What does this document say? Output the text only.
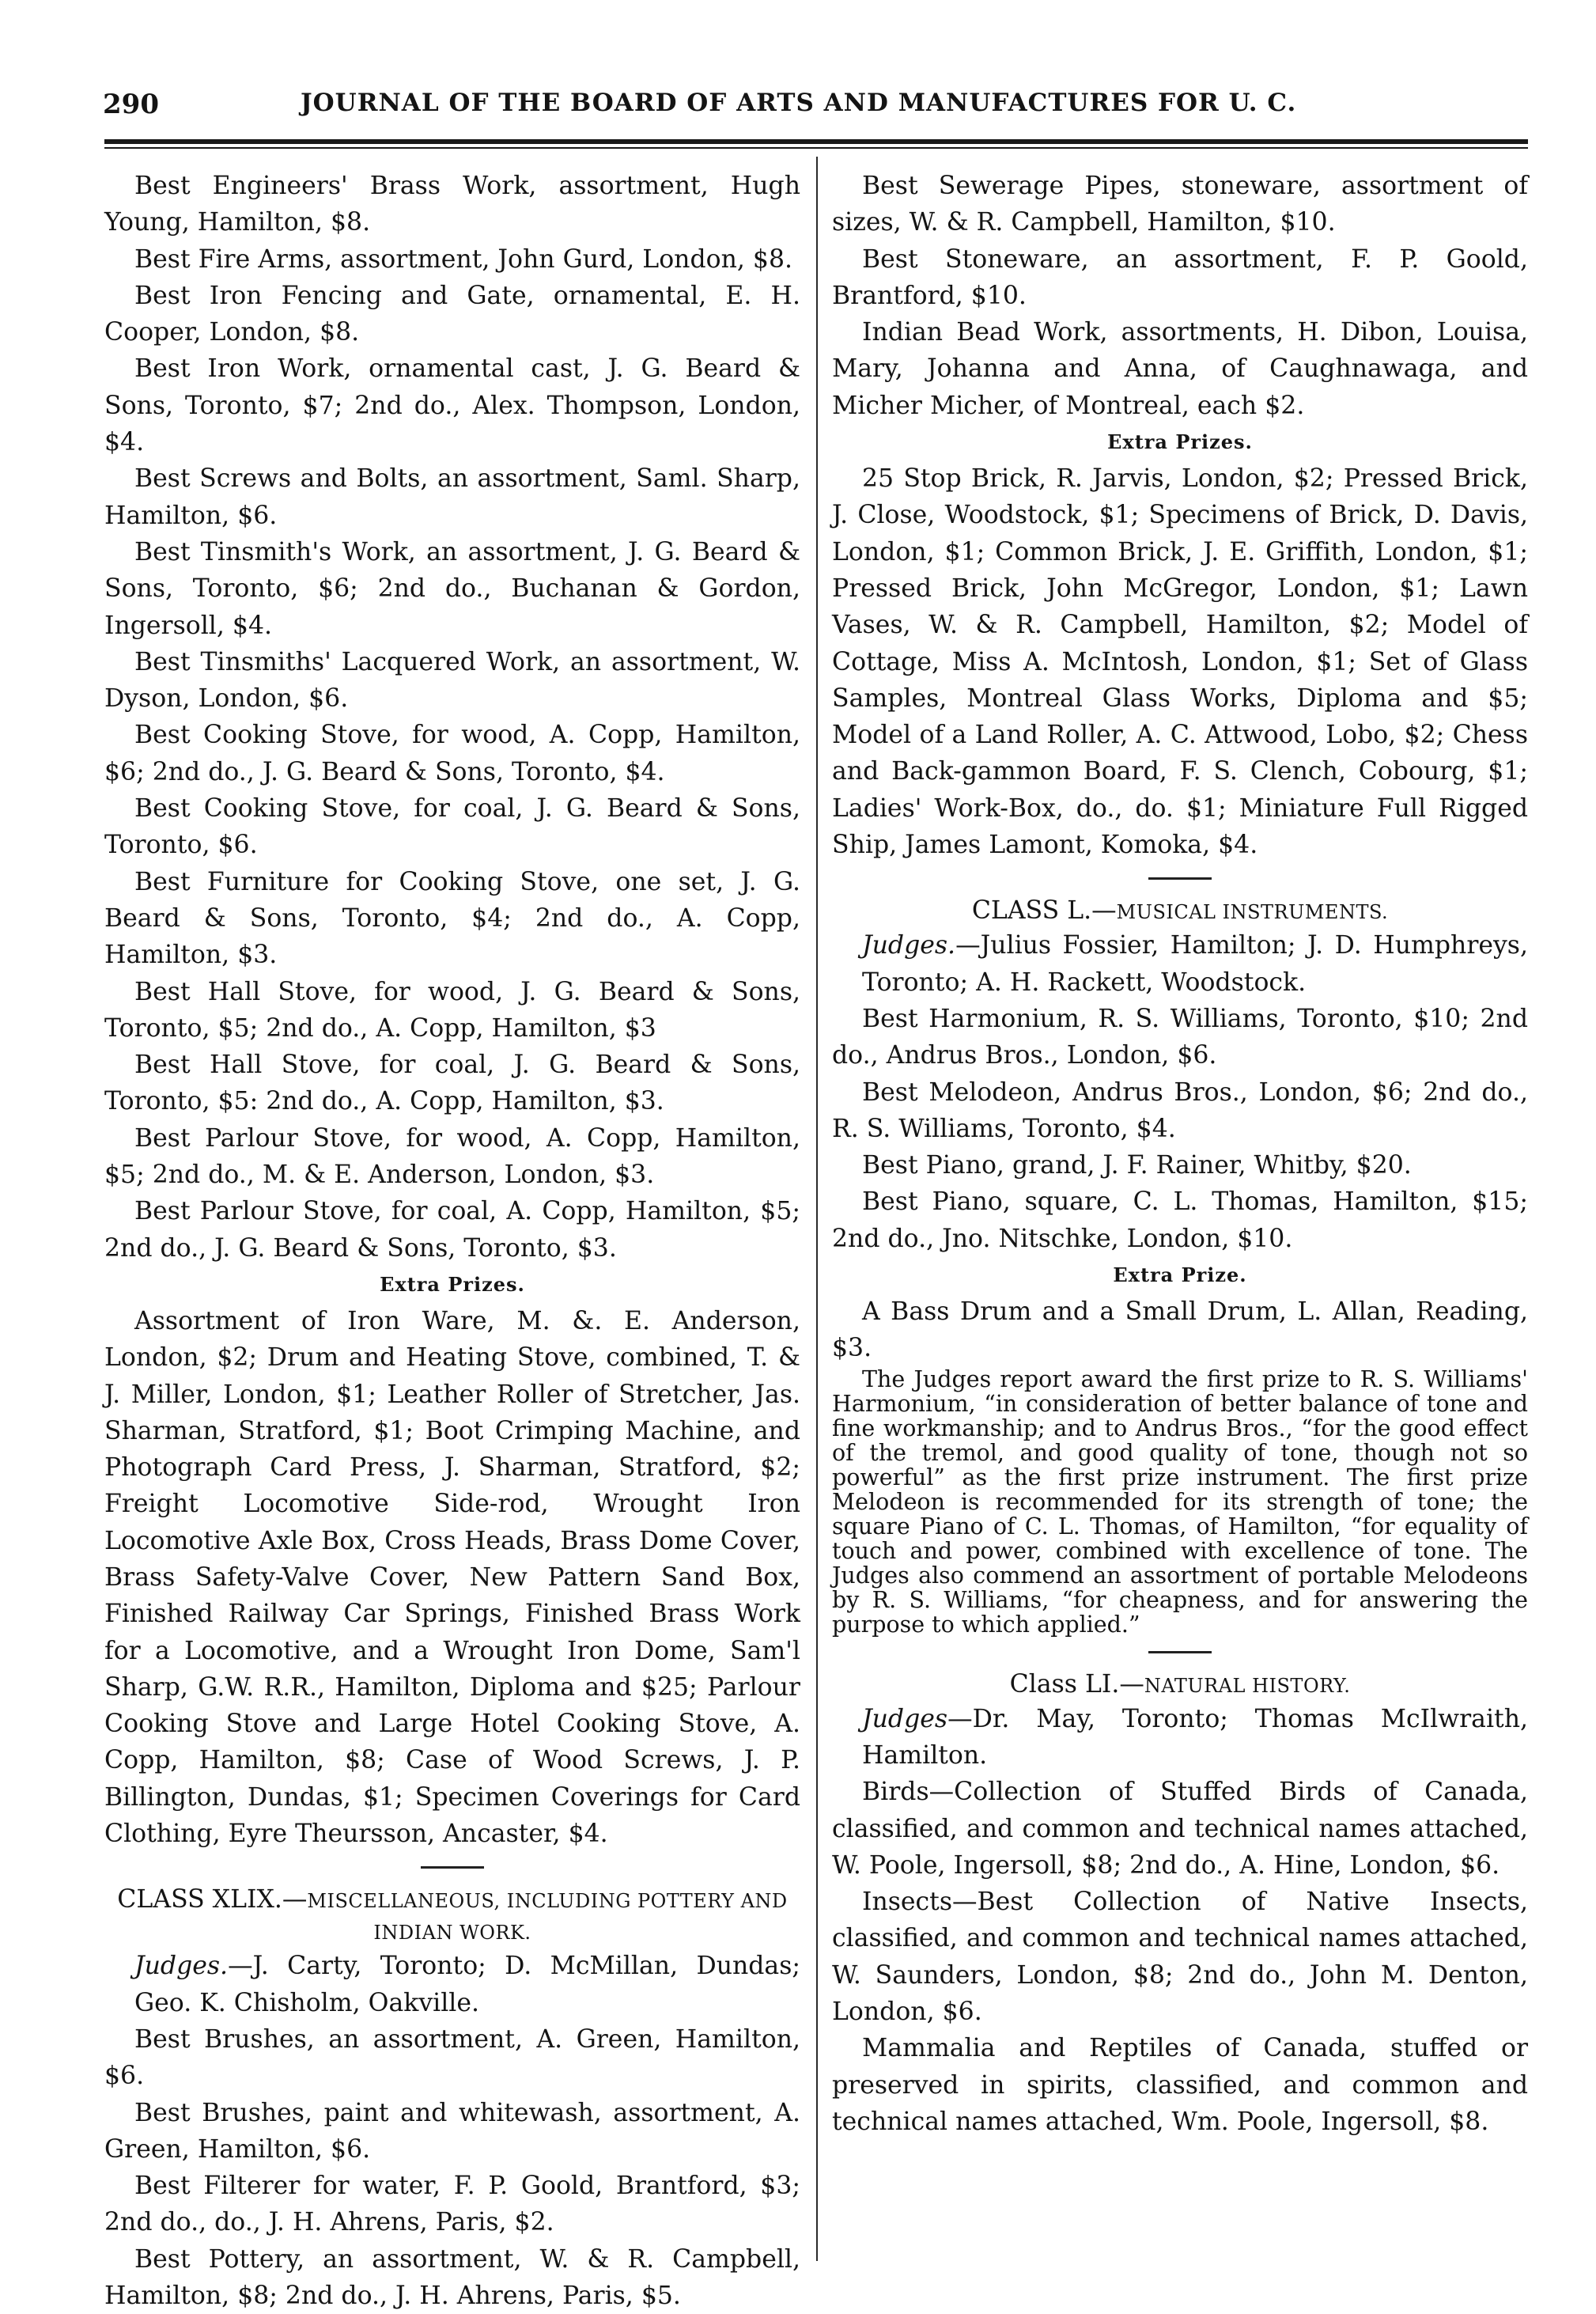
290	JOURNAL OF THE BOARD OF ARTS AND MANUFACTURES FOR U. C.

Best Engineers' Brass Work, assortment, Hugh Young, Hamilton, $8.

Best Fire Arms, assortment, John Gurd, London, $8.

Best Iron Fencing and Gate, ornamental, E. H. Cooper, London, $8.

Best Iron Work, ornamental cast, J. G. Beard & Sons, Toronto, $7; 2nd do., Alex. Thompson, London, $4.

Best Screws and Bolts, an assortment, Saml. Sharp, Hamilton, $6.

Best Tinsmith's Work, an assortment, J. G. Beard & Sons, Toronto, $6; 2nd do., Buchanan & Gordon, Ingersoll, $4.

Best Tinsmiths' Lacquered Work, an assortment, W. Dyson, London, $6.

Best Cooking Stove, for wood, A. Copp, Hamilton, $6; 2nd do., J. G. Beard & Sons, Toronto, $4.

Best Cooking Stove, for coal, J. G. Beard & Sons, Toronto, $6.

Best Furniture for Cooking Stove, one set, J. G. Beard & Sons, Toronto, $4; 2nd do., A. Copp, Hamilton, $3.

Best Hall Stove, for wood, J. G. Beard & Sons, Toronto, $5; 2nd do., A. Copp, Hamilton, $3

Best Hall Stove, for coal, J. G. Beard & Sons, Toronto, $5: 2nd do., A. Copp, Hamilton, $3.

Best Parlour Stove, for wood, A. Copp, Hamilton, $5; 2nd do., M. & E. Anderson, London, $3.

Best Parlour Stove, for coal, A. Copp, Hamilton, $5; 2nd do., J. G. Beard & Sons, Toronto, $3.

Extra Prizes.

Assortment of Iron Ware, M. &. E. Anderson, London, $2; Drum and Heating Stove, combined, T. & J. Miller, London, $1; Leather Roller of Stretcher, Jas. Sharman, Stratford, $1; Boot Crimping Machine, and Photograph Card Press, J. Sharman, Stratford, $2; Freight Locomotive Side-rod, Wrought Iron Locomotive Axle Box, Cross Heads, Brass Dome Cover, Brass Safety-Valve Cover, New Pattern Sand Box, Finished Railway Car Springs, Finished Brass Work for a Locomotive, and a Wrought Iron Dome, Sam'l Sharp, G.W. R.R., Hamilton, Diploma and $25; Parlour Cooking Stove and Large Hotel Cooking Stove, A. Copp, Hamilton, $8; Case of Wood Screws, J. P. Billington, Dundas, $1; Specimen Coverings for Card Clothing, Eyre Theursson, Ancaster, $4.

CLASS XLIX.—MISCELLANEOUS, INCLUDING POTTERY AND INDIAN WORK.

Judges.—J. Carty, Toronto; D. McMillan, Dundas; Geo. K. Chisholm, Oakville.

Best Brushes, an assortment, A. Green, Hamilton, $6.

Best Brushes, paint and whitewash, assortment, A. Green, Hamilton, $6.

Best Filterer for water, F. P. Goold, Brantford, $3; 2nd do., do., J. H. Ahrens, Paris, $2.

Best Pottery, an assortment, W. & R. Campbell, Hamilton, $8; 2nd do., J. H. Ahrens, Paris, $5.

Best Sewerage Pipes, stoneware, assortment of sizes, W. & R. Campbell, Hamilton, $10.

Best Stoneware, an assortment, F. P. Goold, Brantford, $10.

Indian Bead Work, assortments, H. Dibon, Louisa, Mary, Johanna and Anna, of Caughnawaga, and Micher Micher, of Montreal, each $2.

Extra Prizes.

25 Stop Brick, R. Jarvis, London, $2; Pressed Brick, J. Close, Woodstock, $1; Specimens of Brick, D. Davis, London, $1; Common Brick, J. E. Griffith, London, $1; Pressed Brick, John McGregor, London, $1; Lawn Vases, W. & R. Campbell, Hamilton, $2; Model of Cottage, Miss A. McIntosh, London, $1; Set of Glass Samples, Montreal Glass Works, Diploma and $5; Model of a Land Roller, A. C. Attwood, Lobo, $2; Chess and Back-gammon Board, F. S. Clench, Cobourg, $1; Ladies' Work-Box, do., do. $1; Miniature Full Rigged Ship, James Lamont, Komoka, $4.

CLASS L.—MUSICAL INSTRUMENTS.

Judges.—Julius Fossier, Hamilton; J. D. Humphreys, Toronto; A. H. Rackett, Woodstock.

Best Harmonium, R. S. Williams, Toronto, $10; 2nd do., Andrus Bros., London, $6.

Best Melodeon, Andrus Bros., London, $6; 2nd do., R. S. Williams, Toronto, $4.

Best Piano, grand, J. F. Rainer, Whitby, $20.

Best Piano, square, C. L. Thomas, Hamilton, $15; 2nd do., Jno. Nitschke, London, $10.

Extra Prize.

A Bass Drum and a Small Drum, L. Allan, Reading, $3.

The Judges report award the first prize to R. S. Williams' Harmonium, “in consideration of better balance of tone and fine workmanship; and to Andrus Bros., “for the good effect of the tremol, and good quality of tone, though not so powerful” as the first prize instrument. The first prize Melodeon is recommended for its strength of tone; the square Piano of C. L. Thomas, of Hamilton, “for equality of touch and power, combined with excellence of tone. The Judges also commend an assortment of portable Melodeons by R. S. Williams, “for cheapness, and for answering the purpose to which applied.”

Class LI.—NATURAL HISTORY.

Judges—Dr. May, Toronto; Thomas McIlwraith, Hamilton.

Birds—Collection of Stuffed Birds of Canada, classified, and common and technical names attached, W. Poole, Ingersoll, $8; 2nd do., A. Hine, London, $6.

Insects—Best Collection of Native Insects, classified, and common and technical names attached, W. Saunders, London, $8; 2nd do., John M. Denton, London, $6.

Mammalia and Reptiles of Canada, stuffed or preserved in spirits, classified, and common and technical names attached, Wm. Poole, Ingersoll, $8.
